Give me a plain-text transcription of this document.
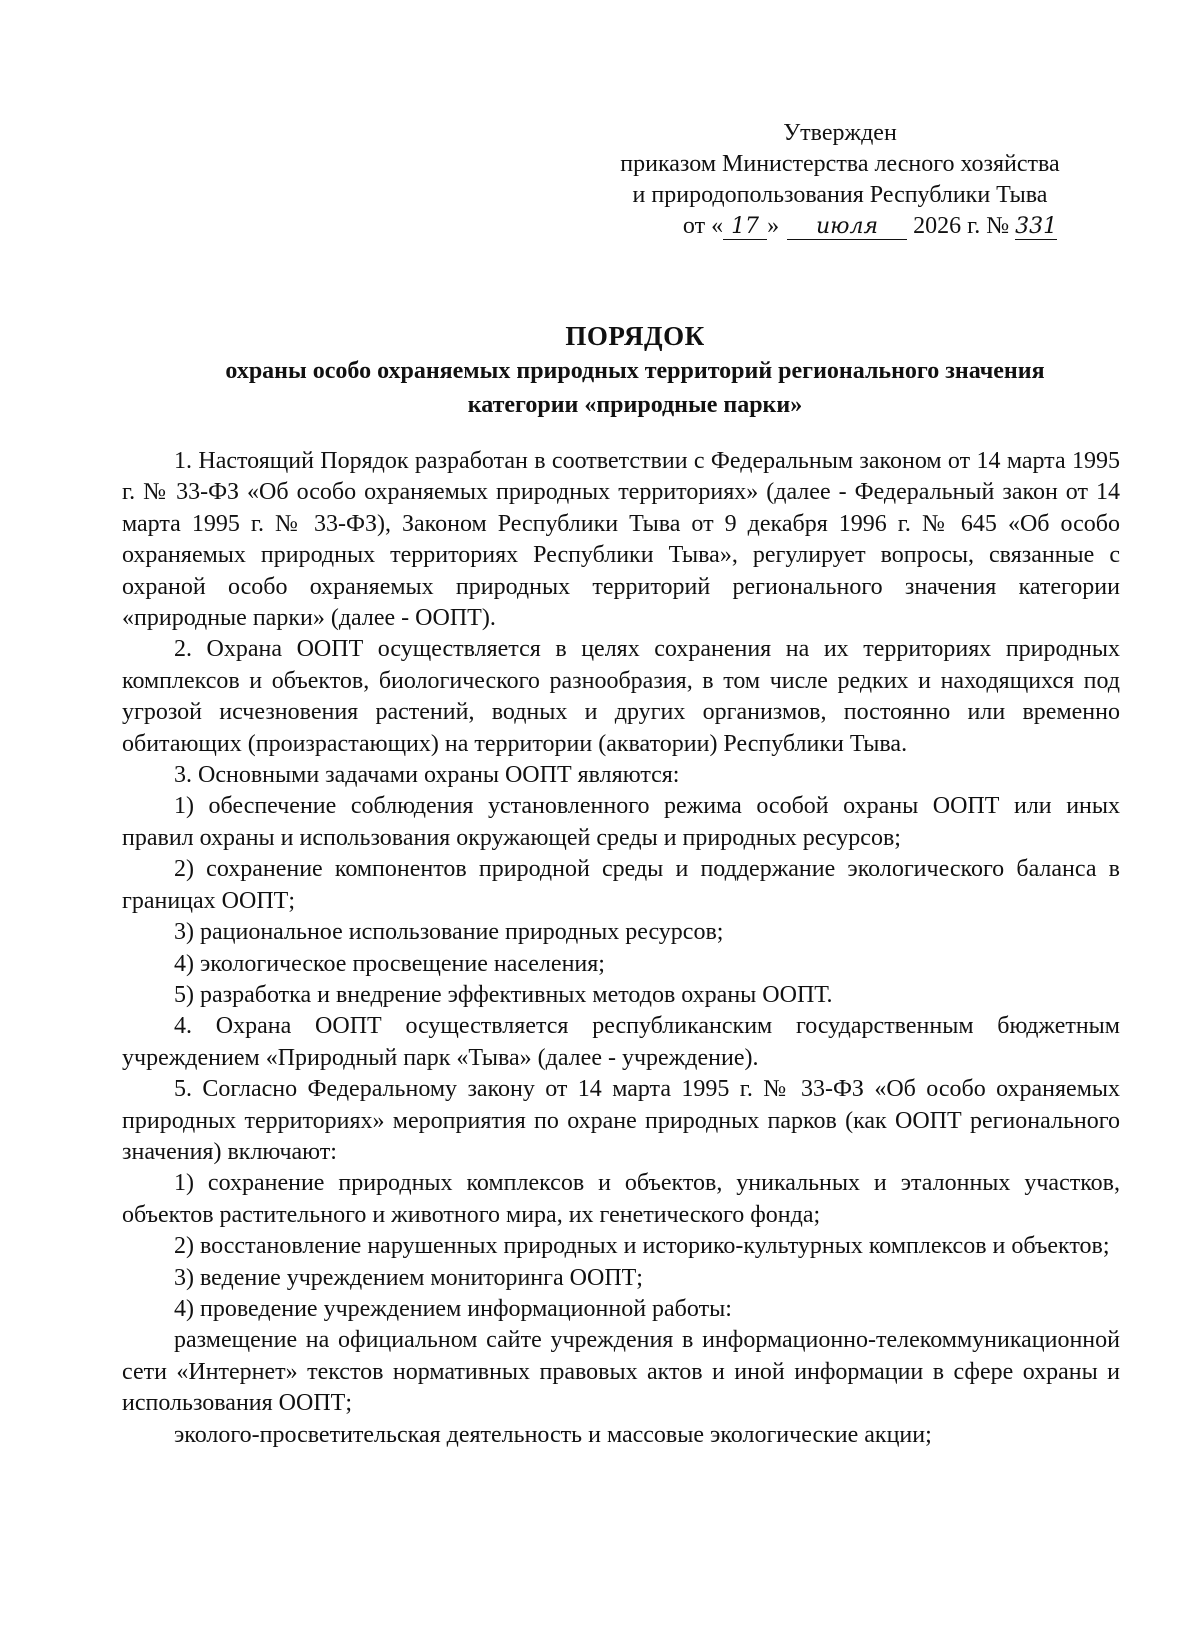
Утвержден
приказом Министерства лесного хозяйства
и природопользования Республики Тыва
от « 17 » июля 2026 г. № 331
ПОРЯДОК
охраны особо охраняемых природных территорий регионального значения
категории «природные парки»

1. Настоящий Порядок разработан в соответствии с Федеральным законом от 14 марта 1995 г. № 33-ФЗ «Об особо охраняемых природных территориях» (далее - Федеральный закон от 14 марта 1995 г. № 33-ФЗ), Законом Республики Тыва от 9 декабря 1996 г. № 645 «Об особо охраняемых природных территориях Республики Тыва», регулирует вопросы, связанные с охраной особо охраняемых природных территорий регионального значения категории «природные парки» (далее - ООПТ).

2. Охрана ООПТ осуществляется в целях сохранения на их территориях природных комплексов и объектов, биологического разнообразия, в том числе редких и находящихся под угрозой исчезновения растений, водных и других организмов, постоянно или временно обитающих (произрастающих) на территории (акватории) Республики Тыва.

3. Основными задачами охраны ООПТ являются:

1) обеспечение соблюдения установленного режима особой охраны ООПТ или иных правил охраны и использования окружающей среды и природных ресурсов;

2) сохранение компонентов природной среды и поддержание экологического баланса в границах ООПТ;

3) рациональное использование природных ресурсов;

4) экологическое просвещение населения;

5) разработка и внедрение эффективных методов охраны ООПТ.

4. Охрана ООПТ осуществляется республиканским государственным бюджетным учреждением «Природный парк «Тыва» (далее - учреждение).

5. Согласно Федеральному закону от 14 марта 1995 г. № 33-ФЗ «Об особо охраняемых природных территориях» мероприятия по охране природных парков (как ООПТ регионального значения) включают:

1) сохранение природных комплексов и объектов, уникальных и эталонных участков, объектов растительного и животного мира, их генетического фонда;

2) восстановление нарушенных природных и историко-культурных комплексов и объектов;

3) ведение учреждением мониторинга ООПТ;

4) проведение учреждением информационной работы:

размещение на официальном сайте учреждения в информационно-телекоммуникационной сети «Интернет» текстов нормативных правовых актов и иной информации в сфере охраны и использования ООПТ;

эколого-просветительская деятельность и массовые экологические акции;
